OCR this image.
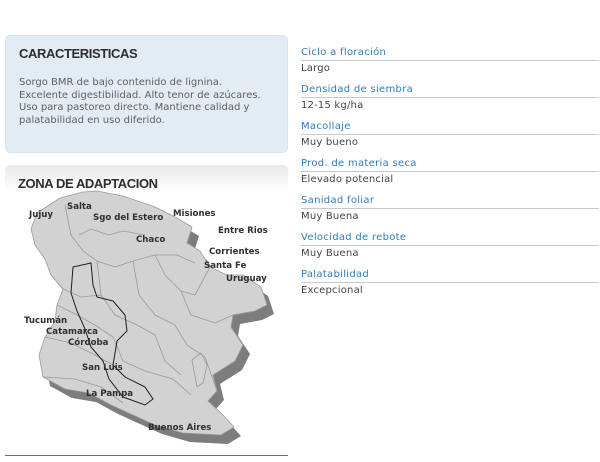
CARACTERISTICAS
Sorgo BMR de bajo contenido de lignina. Excelente digestibilidad. Alto tenor de azúcares. Uso para pastoreo directo. Mantiene calidad y palatabilidad en uso diferido.
ZONA DE ADAPTACION
Jujuy
Salta
Sgo del Estero Misiones
Chaco
Entre Rios
Corrientes
Santa Fe
Uruguay
Tucumán
Catamarca
Córdoba
San Luis
La Pampa
Buenos Aires
Ciclo a floración
Largo
Densidad de siembra
12-15 kg/ha
Macollaje
Muy bueno
Prod. de materia seca
Elevado potencial
Sanidad foliar
Muy Buena
Velocidad de rebote
Muy Buena
Palatabilidad
Excepcional
